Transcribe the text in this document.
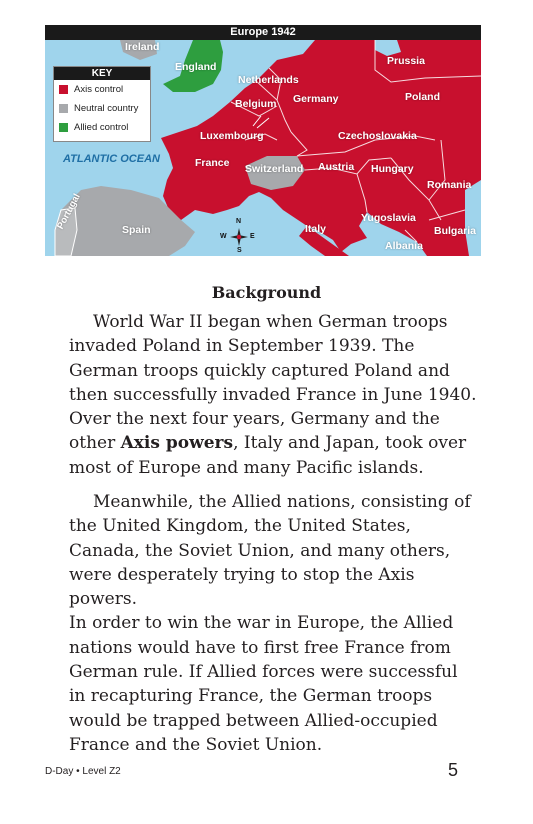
Europe 1942
KEY
Axis control
Neutral country
Allied control
ATLANTIC OCEAN
Ireland
England
Netherlands
Belgium
Luxembourg
France Switzerland
Germany
Prussia
Poland
Czechoslovakia
Austria Hungary
Romania
Yugoslavia
Bulgaria
Albania
Italy
Spain
Portugal	N
S
E
W
Background

World War II began when German troops invaded Poland in September 1939. The German troops quickly captured Poland and then successfully invaded France in June 1940. Over the next four years, Germany and the other Axis powers, Italy and Japan, took over most of Europe and many Pacific islands.

Meanwhile, the Allied nations, consisting of the United Kingdom, the United States, Canada, the Soviet Union, and many others, were desperately trying to stop the Axis powers.
In order to win the war in Europe, the Allied nations would have to first free France from German rule. If Allied forces were successful in recapturing France, the German troops would be trapped between Allied-occupied France and the Soviet Union.

D-Day • Level Z2	5
